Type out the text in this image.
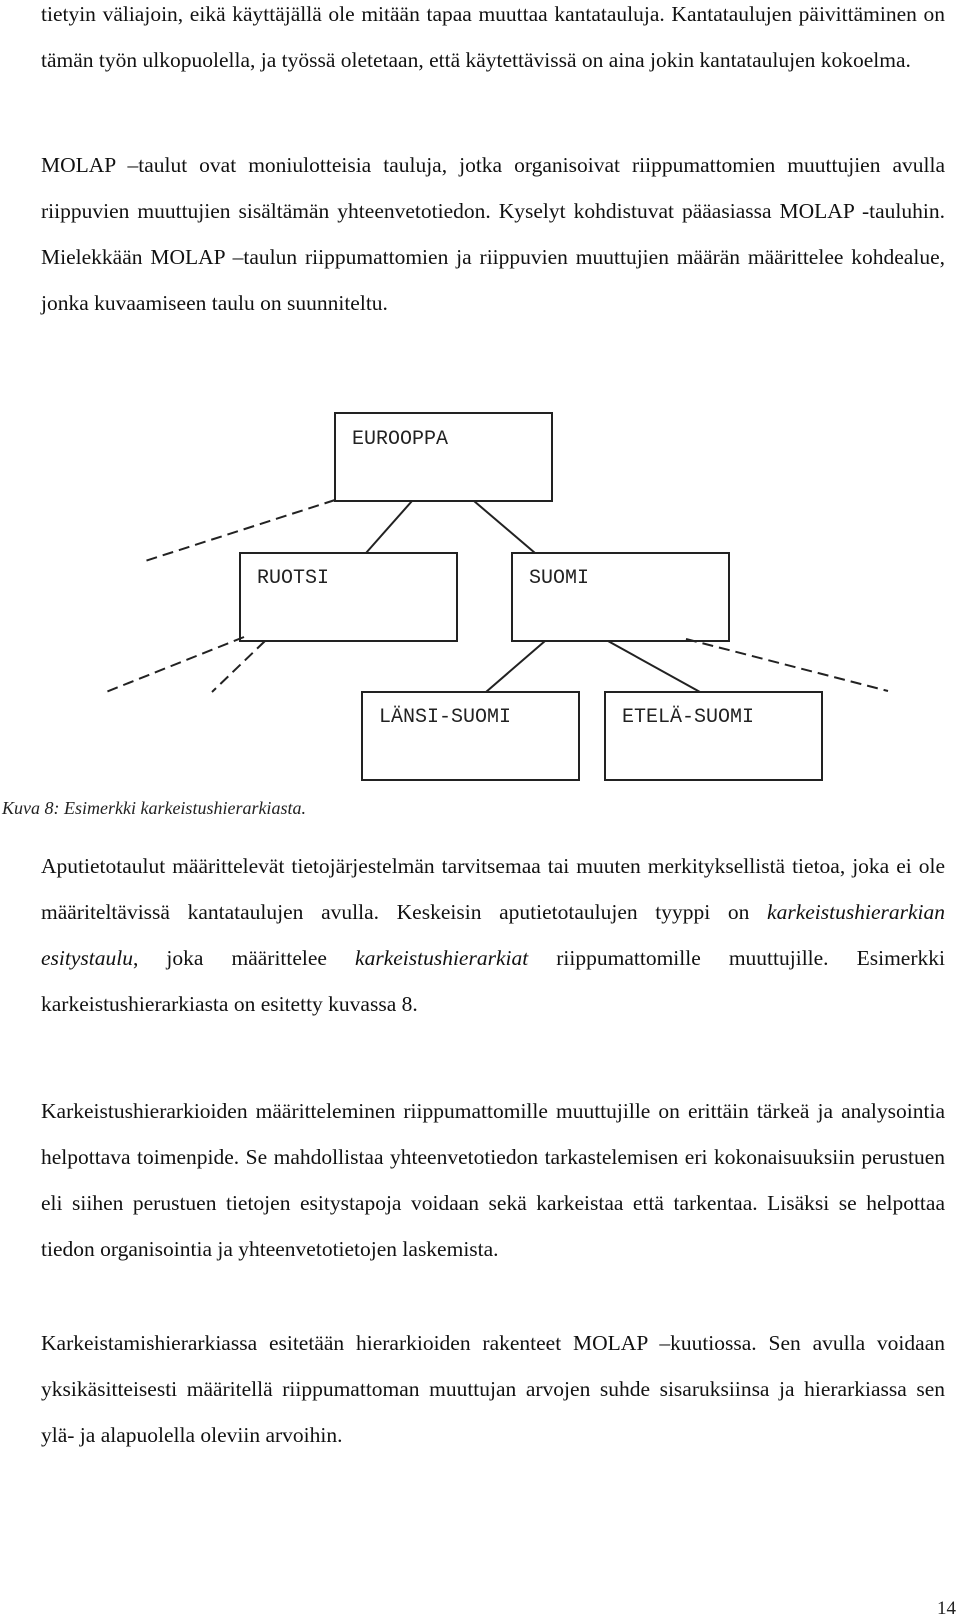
tietyin väliajoin, eikä käyttäjällä ole mitään tapaa muuttaa kantatauluja. Kantataulujen päivittäminen on tämän työn ulkopuolella, ja työssä oletetaan, että käytettävissä on aina jokin kantataulujen kokoelma.

MOLAP –taulut ovat moniulotteisia tauluja, jotka organisoivat riippumattomien muuttujien avulla riippuvien muuttujien sisältämän yhteenvetotiedon. Kyselyt kohdistuvat pääasiassa MOLAP -tauluhin. Mielekkään MOLAP –taulun riippumattomien ja riippuvien muuttujien määrän määrittelee kohdealue, jonka kuvaamiseen taulu on suunniteltu.

EUROOPPA
RUOTSI	SUOMI
LÄNSI-SUOMI	ETELÄ-SUOMI

Kuva 8: Esimerkki karkeistushierarkiasta.

Aputietotaulut määrittelevät tietojärjestelmän tarvitsemaa tai muuten merkityksellistä tietoa, joka ei ole määriteltävissä kantataulujen avulla. Keskeisin aputietotaulujen tyyppi on karkeistushierarkian esitystaulu, joka määrittelee karkeistushierarkiat riippumattomille muuttujille. Esimerkki karkeistushierarkiasta on esitetty kuvassa 8.

Karkeistushierarkioiden määritteleminen riippumattomille muuttujille on erittäin tärkeä ja analysointia helpottava toimenpide. Se mahdollistaa yhteenvetotiedon tarkastelemisen eri kokonaisuuksiin perustuen eli siihen perustuen tietojen esitystapoja voidaan sekä karkeistaa että tarkentaa. Lisäksi se helpottaa tiedon organisointia ja yhteenvetotietojen laskemista.

Karkeistamishierarkiassa esitetään hierarkioiden rakenteet MOLAP –kuutiossa. Sen avulla voidaan yksikäsitteisesti määritellä riippumattoman muuttujan arvojen suhde sisaruksiinsa ja hierarkiassa sen ylä- ja alapuolella oleviin arvoihin.

14
